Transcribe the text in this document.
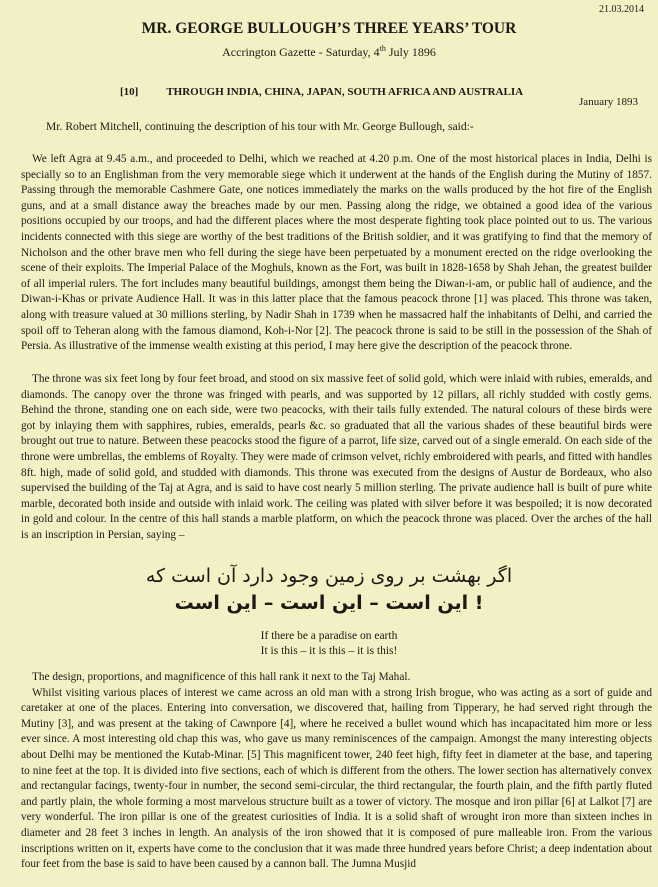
21.03.2014
MR. GEORGE BULLOUGH’S THREE YEARS’ TOUR
Accrington Gazette - Saturday, 4th July 1896
[10]	THROUGH INDIA, CHINA, JAPAN, SOUTH AFRICA AND AUSTRALIA
January 1893
Mr. Robert Mitchell, continuing the description of his tour with Mr. George Bullough, said:-

We left Agra at 9.45 a.m., and proceeded to Delhi, which we reached at 4.20 p.m. One of the most historical places in India, Delhi is specially so to an Englishman from the very memorable siege which it underwent at the hands of the English during the Mutiny of 1857. Passing through the memorable Cashmere Gate, one notices immediately the marks on the walls produced by the hot fire of the English guns, and at a small distance away the breaches made by our men. Passing along the ridge, we obtained a good idea of the various positions occupied by our troops, and had the different places where the most desperate fighting took place pointed out to us. The various incidents connected with this siege are worthy of the best traditions of the British soldier, and it was gratifying to find that the memory of Nicholson and the other brave men who fell during the siege have been perpetuated by a monument erected on the ridge overlooking the scene of their exploits. The Imperial Palace of the Moghuls, known as the Fort, was built in 1828-1658 by Shah Jehan, the greatest builder of all imperial rulers. The fort includes many beautiful buildings, amongst them being the Diwan-i-am, or public hall of audience, and the Diwan-i-Khas or private Audience Hall. It was in this latter place that the famous peacock throne [1] was placed. This throne was taken, along with treasure valued at 30 millions sterling, by Nadir Shah in 1739 when he massacred half the inhabitants of Delhi, and carried the spoil off to Teheran along with the famous diamond, Koh-i-Nor [2]. The peacock throne is said to be still in the possession of the Shah of Persia. As illustrative of the immense wealth existing at this period, I may here give the description of the peacock throne.

The throne was six feet long by four feet broad, and stood on six massive feet of solid gold, which were inlaid with rubies, emeralds, and diamonds. The canopy over the throne was fringed with pearls, and was supported by 12 pillars, all richly studded with costly gems. Behind the throne, standing one on each side, were two peacocks, with their tails fully extended. The natural colours of these birds were got by inlaying them with sapphires, rubies, emeralds, pearls &c. so graduated that all the various shades of these beautiful birds were brought out true to nature. Between these peacocks stood the figure of a parrot, life size, carved out of a single emerald. On each side of the throne were umbrellas, the emblems of Royalty. They were made of crimson velvet, richly embroidered with pearls, and fitted with handles 8ft. high, made of solid gold, and studded with diamonds. This throne was executed from the designs of Austur de Bordeaux, who also supervised the building of the Taj at Agra, and is said to have cost nearly 5 million sterling. The private audience hall is built of pure white marble, decorated both inside and outside with inlaid work. The ceiling was plated with silver before it was bespoiled; it is now decorated in gold and colour. In the centre of this hall stands a marble platform, on which the peacock throne was placed. Over the arches of the hall is an inscription in Persian, saying –

اگر بهشت بر روی زمین وجود دارد آن است که
! این است – این است – این است
If there be a paradise on earth
It is this – it is this – it is this!

The design, proportions, and magnificence of this hall rank it next to the Taj Mahal.

Whilst visiting various places of interest we came across an old man with a strong Irish brogue, who was acting as a sort of guide and caretaker at one of the places. Entering into conversation, we discovered that, hailing from Tipperary, he had served right through the Mutiny [3], and was present at the taking of Cawnpore [4], where he received a bullet wound which has incapacitated him more or less ever since. A most interesting old chap this was, who gave us many reminiscences of the campaign. Amongst the many interesting objects about Delhi may be mentioned the Kutab-Minar. [5] This magnificent tower, 240 feet high, fifty feet in diameter at the base, and tapering to nine feet at the top. It is divided into five sections, each of which is different from the others. The lower section has alternatively convex and rectangular facings, twenty-four in number, the second semi-circular, the third rectangular, the fourth plain, and the fifth partly fluted and partly plain, the whole forming a most marvelous structure built as a tower of victory. The mosque and iron pillar [6] at Lalkot [7] are very wonderful. The iron pillar is one of the greatest curiosities of India. It is a solid shaft of wrought iron more than sixteen inches in diameter and 28 feet 3 inches in length. An analysis of the iron showed that it is composed of pure malleable iron. From the various inscriptions written on it, experts have come to the conclusion that it was made three hundred years before Christ; a deep indentation about four feet from the base is said to have been caused by a cannon ball. The Jumna Musjid
